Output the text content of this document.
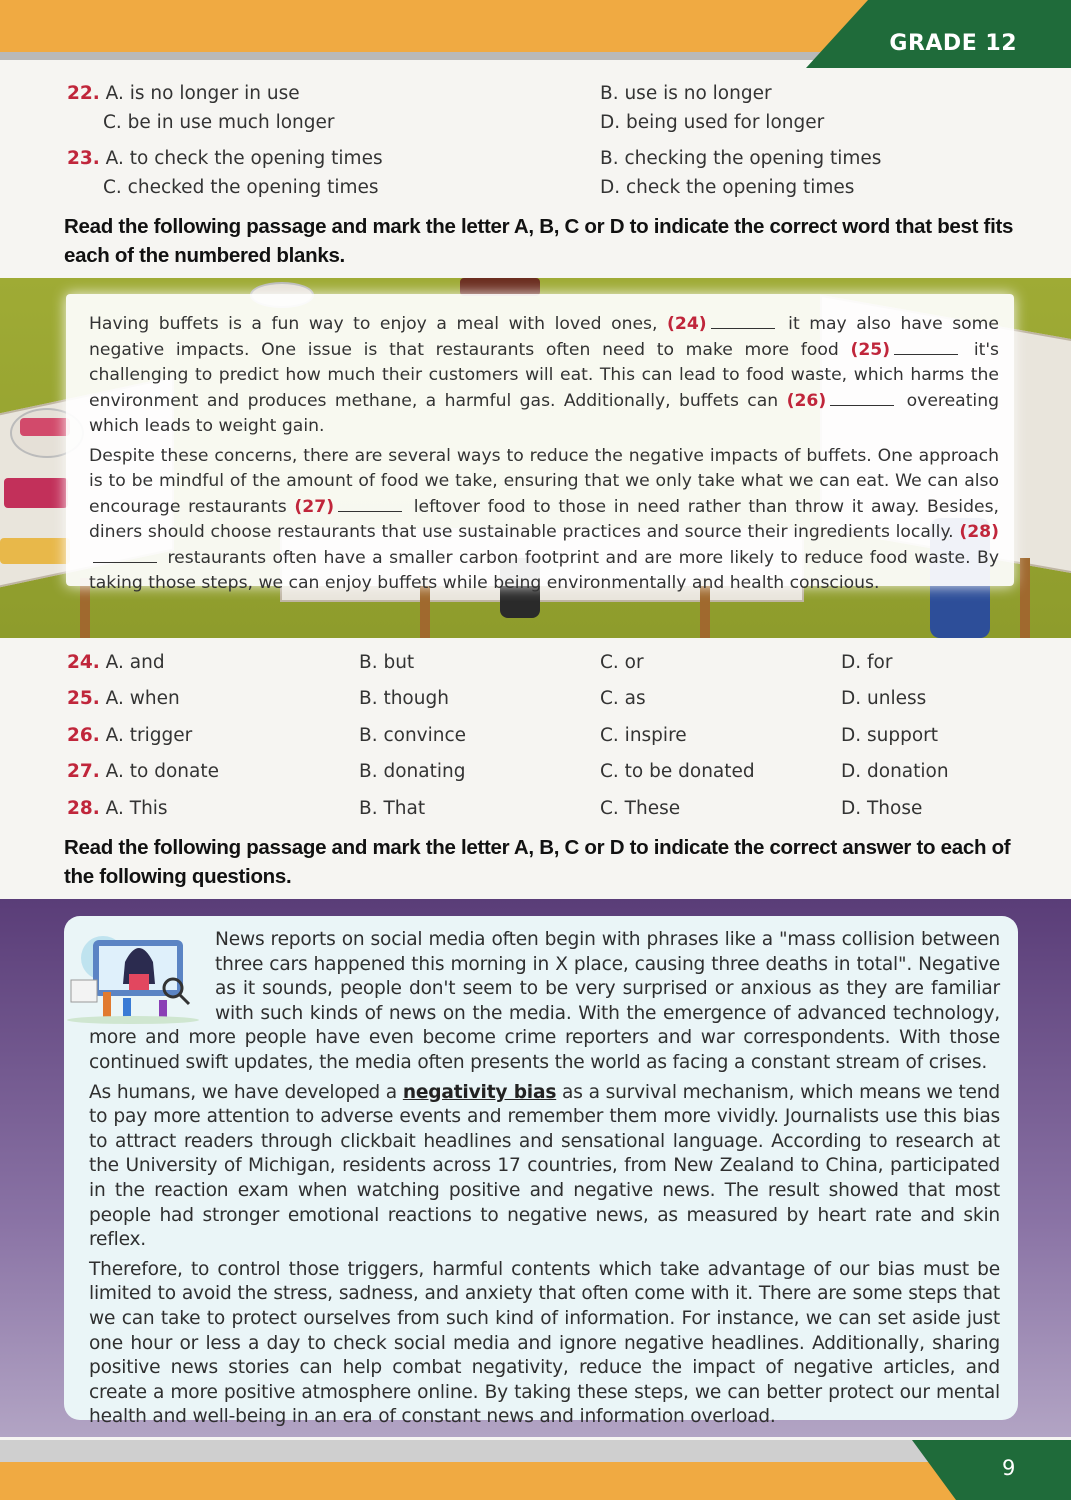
GRADE 12
22. A. is no longer in use	B. use is no longer
C. be in use much longer	D. being used for longer
23. A. to check the opening times	B. checking the opening times
C. checked the opening times	D. check the opening times
Read the following passage and mark the letter A, B, C or D to indicate the correct word that best fits each of the numbered blanks.

Having buffets is a fun way to enjoy a meal with loved ones, (24)	it may also have some negative impacts. One issue is that restaurants often need to make more food (25)	it's challenging to predict how much their customers will eat. This can lead to food waste, which harms the environment and produces methane, a harmful gas. Additionally, buffets can (26)	overeating which leads to weight gain.

Despite these concerns, there are several ways to reduce the negative impacts of buffets. One approach is to be mindful of the amount of food we take, ensuring that we only take what we can eat. We can also encourage restaurants (27)	leftover food to those in need rather than throw it away. Besides, diners should choose restaurants that use sustainable practices and source their ingredients locally. (28) restaurants often have a smaller carbon footprint and are more likely to reduce food waste. By taking those steps, we can enjoy buffets while being environmentally and health conscious.

24. A. and	B. but	C. or	D. for
25. A. when	B. though	C. as	D. unless
26. A. trigger	B. convince	C. inspire	D. support
27. A. to donate	B. donating	C. to be donated	D. donation
28. A. This	B. That	C. These	D. Those
Read the following passage and mark the letter A, B, C or D to indicate the correct answer to each of the following questions.

News reports on social media often begin with phrases like a "mass collision between three cars happened this morning in X place, causing three deaths in total". Negative as it sounds, people don't seem to be very surprised or anxious as they are familiar with such kinds of news on the media. With the emergence of advanced technology, more and more people have even become crime reporters and war correspondents. With those continued swift updates, the media often presents the world as facing a constant stream of crises.

As humans, we have developed a negativity bias as a survival mechanism, which means we tend to pay more attention to adverse events and remember them more vividly. Journalists use this bias to attract readers through clickbait headlines and sensational language. According to research at the University of Michigan, residents across 17 countries, from New Zealand to China, participated in the reaction exam when watching positive and negative news. The result showed that most people had stronger emotional reactions to negative news, as measured by heart rate and skin reflex.

Therefore, to control those triggers, harmful contents which take advantage of our bias must be limited to avoid the stress, sadness, and anxiety that often come with it. There are some steps that we can take to protect ourselves from such kind of information. For instance, we can set aside just one hour or less a day to check social media and ignore negative headlines. Additionally, sharing positive news stories can help combat negativity, reduce the impact of negative articles, and create a more positive atmosphere online. By taking these steps, we can better protect our mental health and well-being in an era of constant news and information overload.

9
